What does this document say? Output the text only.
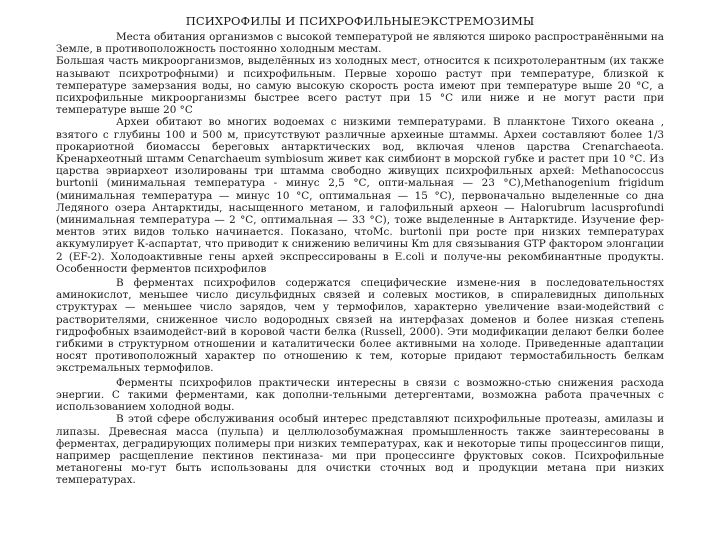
ПСИХРОФИЛЫ И ПСИХРОФИЛЬНЫЕЭКСТРЕМОЗИМЫ

Места обитания организмов с высокой температурой не являются широко распространёнными на Земле, в противоположность постоянно холодным местам.

Большая часть микроорганизмов, выделённых из холодных мест, относится к психротолерантным (их также называют психротрофными) и психрофильным. Первые хорошо растут при температуре, близкой к температуре замерзания воды, но самую высокую скорость роста имеют при температуре выше 20 °С, а психрофильные микроорганизмы быстрее всего растут при 15 °С или ниже и не могут расти при температуре выше 20 °С

Археи обитают во многих водоемах с низкими температурами. В планктоне Тихого океана , взятого с глубины 100 и 500 м, присутствуют различные археиные штаммы. Археи составляют более 1/3 прокариотной биомассы береговых антарктических вод, включая членов царства Crenarchaeota. Кренархеотный штамм Cenarchaeum symbiosum живет как симбионт в морской губке и растет при 10 °С. Из царства эвриархеот изолированы три штамма свободно живущих психрофильных архей: Methanococcus burtonii (минимальная температура - минус 2,5 °С, опти-мальная — 23 °С),Methanogenium frigidum (минимальная температура — минус 10 °С, оптимальная — 15 °С), первоначально выделенные со дна Ледяного озера Антарктиды, насыщенного метаном, и галофильный археон — Halorubrum lacusprofundi (минимальная температура — 2 °С, оптимальная — 33 °С), тоже выделенные в Антарктиде. Изучение фер-ментов этих видов только начинается. Показано, чтоMc. burtonii при росте при низких температурах аккумулирует К-аспартат, что приводит к снижению величины Кm для связывания GTP фактором элонгации 2 (EF-2). Холодоактивные гены архей экспрессированы в E.coli и получе-ны рекомбинантные продукты. Особенности ферментов психрофилов

В ферментах психрофилов содержатся специфические измене-ния в последовательностях аминокислот, меньшее число дисульфидных связей и солевых мостиков, в спиралевидных дипольных структурах — меньшее число зарядов, чем у термофилов, характерно увеличение взаи-модействий с растворителями, сниженное число водородных связей на интерфазах доменов и более низкая степень гидрофобных взаимодейст-вий в коровой части белка (Russell, 2000). Эти модификации делают белки более гибкими в структурном отношении и каталитически более активными на холоде. Приведенные адаптации носят противоположный характер по отношению к тем, которые придают термостабильность белкам экстремальных термофилов.

Ферменты психрофилов практически интересны в связи с возможно-стью снижения расхода энергии. С такими ферментами, как дополни-тельными детергентами, возможна работа прачечных с использованием холодной воды.

В этой сфере обслуживания особый интерес представляют психрофильные протеазы, амилазы и липазы. Древесная масса (пульпа) и целлюлозобумажная промышленность также заинтересованы в ферментах, деградирующих полимеры при низких температурах, как и некоторые типы процессингов пищи, например расщепление пектинов пектиназа- ми при процессинге фруктовых соков. Психрофильные метаногены мо-гут быть использованы для очистки сточных вод и продукции метана при низких температурах.
